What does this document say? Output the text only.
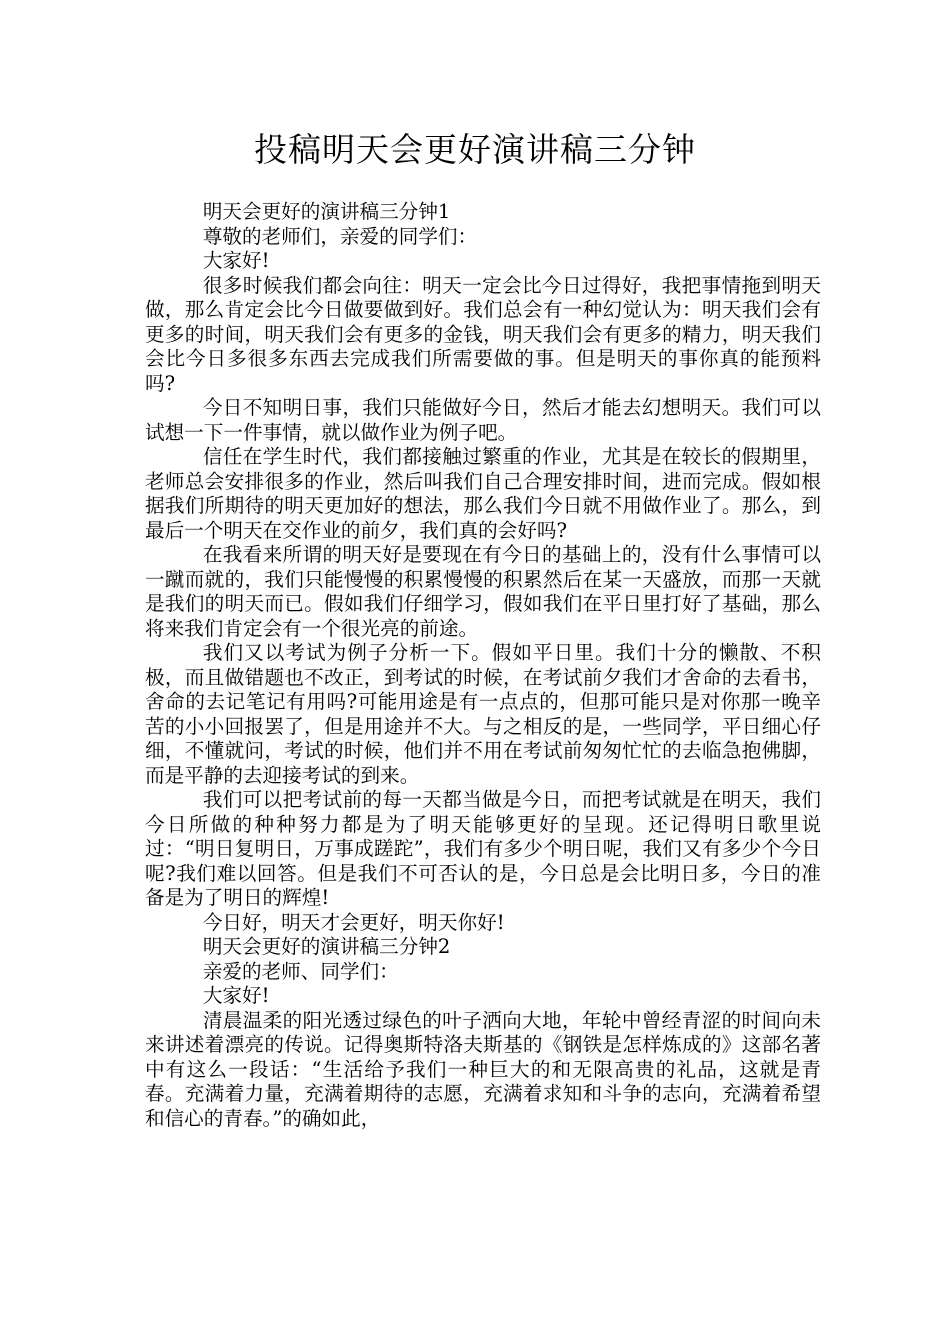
投稿明天会更好演讲稿三分钟

明天会更好的演讲稿三分钟1

尊敬的老师们，亲爱的同学们：

大家好!

很多时候我们都会向往：明天一定会比今日过得好，我把事情拖到明天做，那么肯定会比今日做要做到好。我们总会有一种幻觉认为：明天我们会有更多的时间，明天我们会有更多的金钱，明天我们会有更多的精力，明天我们会比今日多很多东西去完成我们所需要做的事。但是明天的事你真的能预料吗?

今日不知明日事，我们只能做好今日，然后才能去幻想明天。我们可以试想一下一件事情，就以做作业为例子吧。

信任在学生时代，我们都接触过繁重的作业，尤其是在较长的假期里，老师总会安排很多的作业，然后叫我们自己合理安排时间，进而完成。假如根据我们所期待的明天更加好的想法，那么我们今日就不用做作业了。那么，到最后一个明天在交作业的前夕，我们真的会好吗?

在我看来所谓的明天好是要现在有今日的基础上的，没有什么事情可以一蹴而就的，我们只能慢慢的积累慢慢的积累然后在某一天盛放，而那一天就是我们的明天而已。假如我们仔细学习，假如我们在平日里打好了基础，那么将来我们肯定会有一个很光亮的前途。

我们又以考试为例子分析一下。假如平日里。我们十分的懒散、不积极，而且做错题也不改正，到考试的时候，在考试前夕我们才舍命的去看书，舍命的去记笔记有用吗?可能用途是有一点点的，但那可能只是对你那一晚辛苦的小小回报罢了，但是用途并不大。与之相反的是，一些同学，平日细心仔细，不懂就问，考试的时候，他们并不用在考试前匆匆忙忙的去临急抱佛脚，而是平静的去迎接考试的到来。

我们可以把考试前的每一天都当做是今日，而把考试就是在明天，我们今日所做的种种努力都是为了明天能够更好的呈现。还记得明日歌里说过：“明日复明日，万事成蹉跎”，我们有多少个明日呢，我们又有多少个今日呢?我们难以回答。但是我们不可否认的是，今日总是会比明日多，今日的准备是为了明日的辉煌!

今日好，明天才会更好，明天你好!

明天会更好的演讲稿三分钟2

亲爱的老师、同学们：

大家好!

清晨温柔的阳光透过绿色的叶子洒向大地，年轮中曾经青涩的时间向未来讲述着漂亮的传说。记得奥斯特洛夫斯基的《钢铁是怎样炼成的》这部名著中有这么一段话：“生活给予我们一种巨大的和无限高贵的礼品，这就是青春。充满着力量，充满着期待的志愿，充满着求知和斗争的志向，充满着希望和信心的青春。”的确如此，
